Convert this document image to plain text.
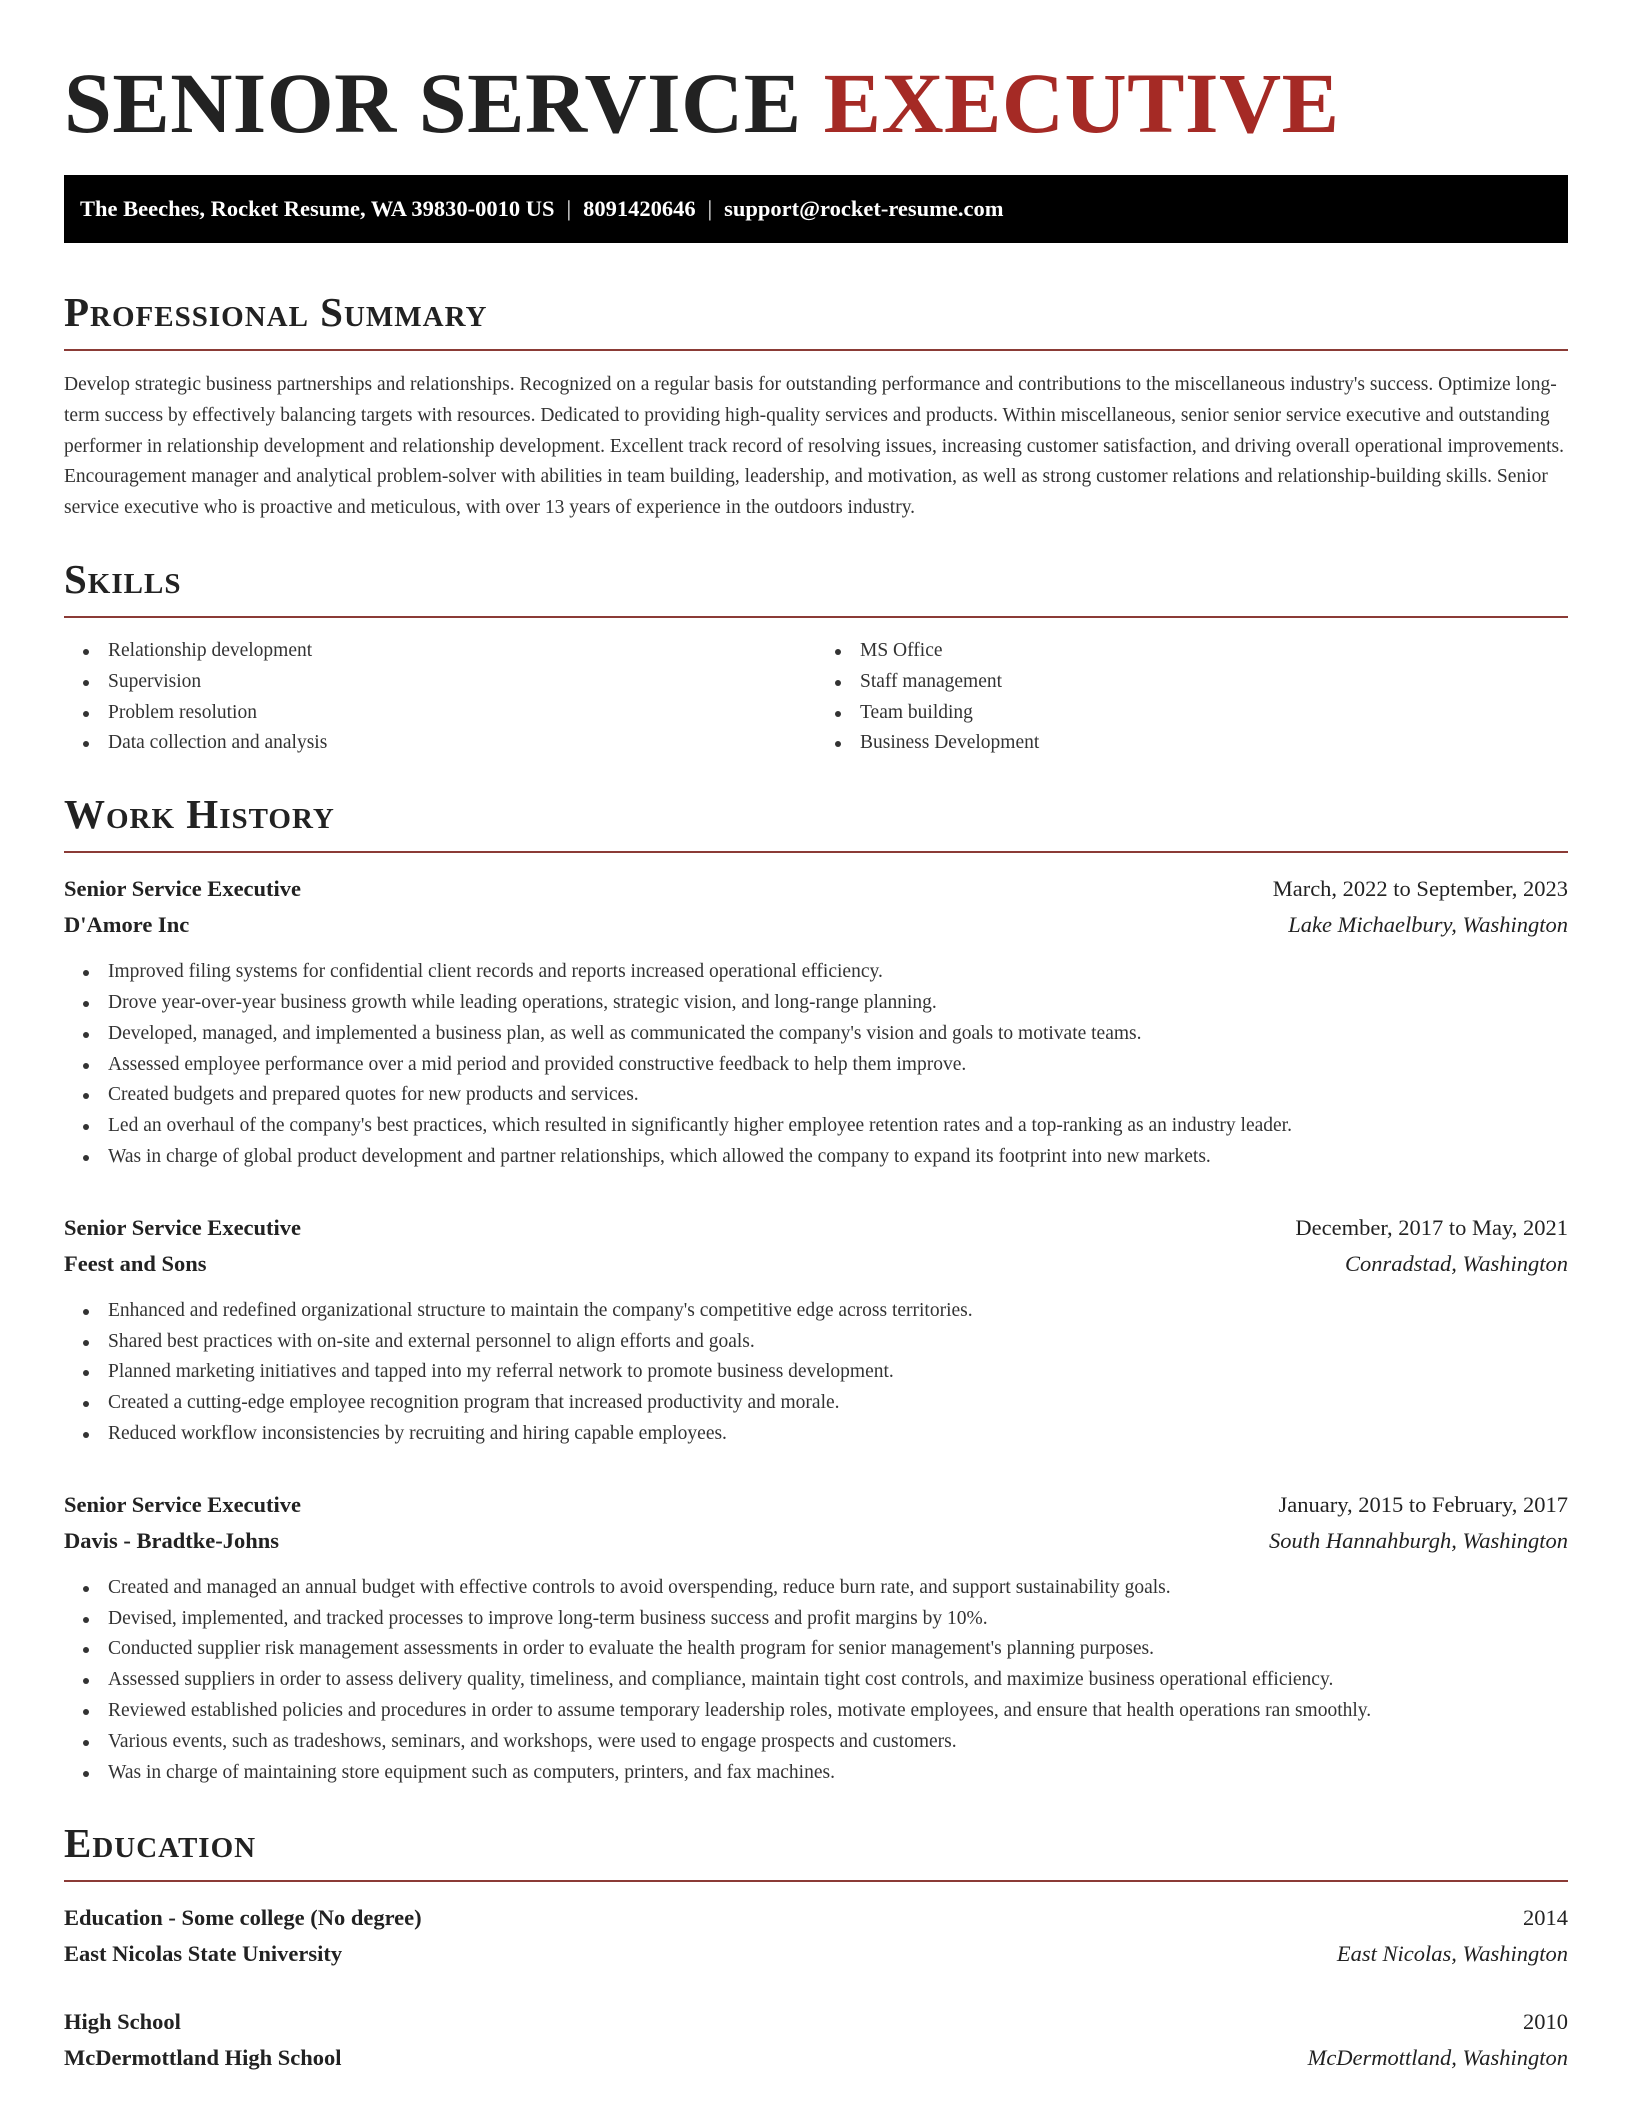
SENIOR SERVICE EXECUTIVE
The Beeches, Rocket Resume, WA 39830-0010 US | 8091420646 | support@rocket-resume.com
Professional Summary

Develop strategic business partnerships and relationships. Recognized on a regular basis for outstanding performance and contributions to the miscellaneous industry's success. Optimize long-term success by effectively balancing targets with resources. Dedicated to providing high-quality services and products. Within miscellaneous, senior senior service executive and outstanding performer in relationship development and relationship development. Excellent track record of resolving issues, increasing customer satisfaction, and driving overall operational improvements. Encouragement manager and analytical problem-solver with abilities in team building, leadership, and motivation, as well as strong customer relations and relationship-building skills. Senior service executive who is proactive and meticulous, with over 13 years of experience in the outdoors industry.

Skills
Relationship development
Supervision
Problem resolution
Data collection and analysis
MS Office
Staff management
Team building
Business Development
Work History
Senior Service Executive	March, 2022 to September, 2023
D'Amore Inc	Lake Michaelbury, Washington
Improved filing systems for confidential client records and reports increased operational efficiency.
Drove year-over-year business growth while leading operations, strategic vision, and long-range planning.
Developed, managed, and implemented a business plan, as well as communicated the company's vision and goals to motivate teams.
Assessed employee performance over a mid period and provided constructive feedback to help them improve.
Created budgets and prepared quotes for new products and services.
Led an overhaul of the company's best practices, which resulted in significantly higher employee retention rates and a top-ranking as an industry leader.
Was in charge of global product development and partner relationships, which allowed the company to expand its footprint into new markets.
Senior Service Executive	December, 2017 to May, 2021
Feest and Sons	Conradstad, Washington
Enhanced and redefined organizational structure to maintain the company's competitive edge across territories.
Shared best practices with on-site and external personnel to align efforts and goals.
Planned marketing initiatives and tapped into my referral network to promote business development.
Created a cutting-edge employee recognition program that increased productivity and morale.
Reduced workflow inconsistencies by recruiting and hiring capable employees.
Senior Service Executive	January, 2015 to February, 2017
Davis - Bradtke-Johns	South Hannahburgh, Washington
Created and managed an annual budget with effective controls to avoid overspending, reduce burn rate, and support sustainability goals.
Devised, implemented, and tracked processes to improve long-term business success and profit margins by 10%.
Conducted supplier risk management assessments in order to evaluate the health program for senior management's planning purposes.
Assessed suppliers in order to assess delivery quality, timeliness, and compliance, maintain tight cost controls, and maximize business operational efficiency.
Reviewed established policies and procedures in order to assume temporary leadership roles, motivate employees, and ensure that health operations ran smoothly.
Various events, such as tradeshows, seminars, and workshops, were used to engage prospects and customers.
Was in charge of maintaining store equipment such as computers, printers, and fax machines.
Education
Education - Some college (No degree)	2014
East Nicolas State University	East Nicolas, Washington
High School	2010
McDermottland High School	McDermottland, Washington
